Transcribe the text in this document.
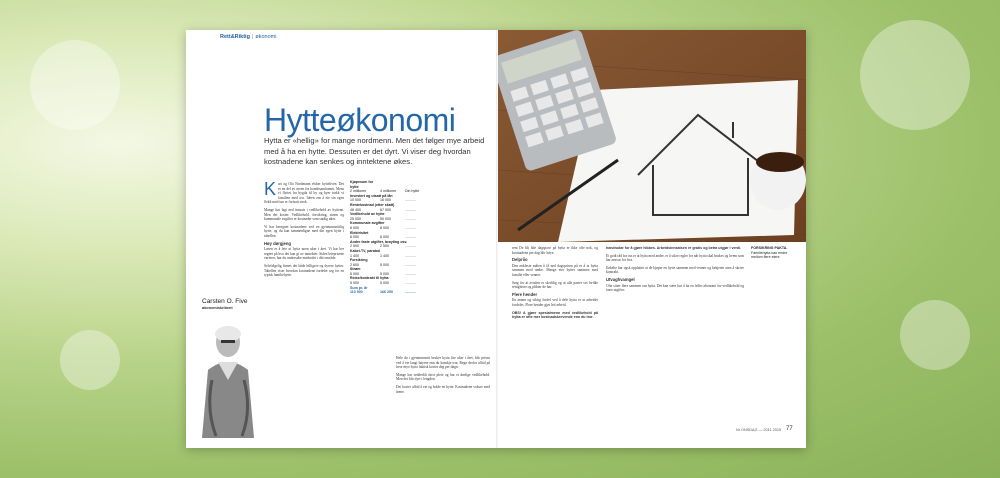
Rett&Riktig | økonomi
Hytteøkonomi
Hytta er «hellig» for mange nordmenn. Men det følger mye arbeid med å ha en hytte. Dessuten er det dyrt. Vi viser deg hvordan kostnadene kan senkes og inntektene økes.

Kari og Ola Nordmann elsker hytteliven. Det er en del av arven fra bondesamfunnet. Mens vi flyttet fra bygda til by og byer trakk vi familien med oss. Ideen om å eie sin egen flekk med tun er fortsatt sterk.

Mange har lagt ned innsats i vedlikehold av hyttene. Men det koster. Vedlikehold, forsikring, strøm og kommunale avgifter er kostnader som stadig øker.

Vi har beregnet kostnadene ved en gjennomsnittlig hytte, og du kan sammenligne med din egen hytte i tabellen.

Høy dørgjeng

Løsen er å leie ut hytta noen uker i året. Vi har her regnet på hva det kan gi av inntekter. Siden leieprisene varierer, bør du undersøke markedet i ditt område.

Selvfølgelig finnes det både billigere og dyrere hytter. Tabellen viser hvordan kostnadene fordeler seg for en typisk familiehytte.

Carsten O. Five
økonomiskribent
Kjøpesum for hytte
2 millioner	4 millioner	Din hytte
Investert og utsatt på lån
10 000	16 000	...........
Rentekostnad (etter skatt)
48 400	67 000	...........
Vedlikehold av hytte
25 000	50 000	...........
Kommunale avgifter
6 000	8 000	...........
Elektrisitet
6 000	6 000	...........
Andre faste utgifter, brøyting osv.
2 500	2 500	...........
Kabel-TV, parabol
1 400	1 400	...........
Forsikring
2 600	5 000	...........
Strøm
5 000	5 000	...........
Reise/kontrakt til hytta
5 000	5 000	...........
Sum pr. år
110 500	166 200	...........

Hele du i gjennomsnitt bruker hytta fire uker i året, blir prisen ved å eie langt høyere enn du kanskje tror. Regn derfor alltid på hvor mye hytta faktisk koster deg per døgn.

Mange har sedderbli først pleie og har et dørlige vedlikehold. Men det blir dyrt i lengden.

Det koster alltid å eie og holde en hytte. Kostnadene vokser med årene.

rent De bli hile dagspose på hytta er ikke ofte nok, og kostnadene per dag blir høye.

Delpriio

Den enkleste måten å få ned dagsprisen på er å ta hytta sammen med andre. Mange eier hytter sammen med familie eller venner.

Sørg for at avtalen er skriftlig og at alle parter vet hvilke rettigheter og plikter de har.

Flere hender

En annen og viktig fordel ved å dele hytta er at arbeidet fordeles. Flere hender gjør lett arbeid.

OBS! A gjøre spesialmenn med vedlikehold på hytta er ofte mer kostnadskrevende enn du tror.

handrudar for å gjøre hibbes. Arbeidsinnsatsen er gratis og betra utgjør i verdi.

Et godt råd fra oss er at hytta med andre, er å sikre regler for når hytta skal brukes og hvem som har ansvar for hva.

Enkelte har også oppfattet at de kjøper en hytte sammen med venner og bekjente uten å skrive kontrakt.

Utvaghvamgel

Ofte sitter flere sammen om hytta. Det kan være lurt å ha en felles økonomi for vedlikehold og faste utgifter.

FORSIKRING PAKTA.
Familiehytta kan endre mellom flere eiere.
Nr ONSDAG — 2011 2015 77
